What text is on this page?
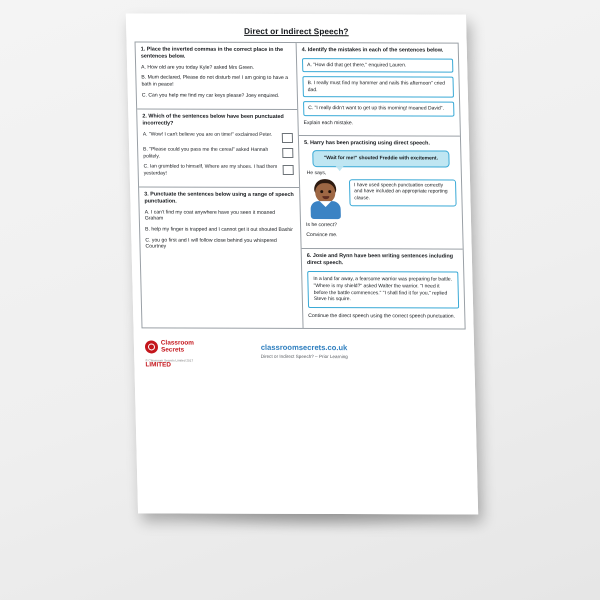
Direct or Indirect Speech?
1. Place the inverted commas in the correct place in the sentences below.
A. How old are you today Kyle? asked Mrs Green.
B. Mum declared, Please do not disturb me! I am going to have a bath in peace!
C. Can you help me find my car keys please? Joey enquired.
2. Which of the sentences below have been punctuated incorrectly?
A. "Wow! I can't believe you are on time!" exclaimed Peter.
B. "Please could you pass me the cereal" asked Hannah politely.
C. Ian grumbled to himself, Where are my shoes. I had them yesterday!
3. Punctuate the sentences below using a range of speech punctuation.
A. I can't find my coat anywhere have you seen it moaned Graham
B. help my finger is trapped and I cannot get it out shouted Bashir
C. you go first and I will follow close behind you whispered Courtney
4. Identify the mistakes in each of the sentences below.
A. "How did that get there," enquired Lauren.
B. I really must find my hammer and nails this afternoon" cried dad.
C. "I really didn't want to get up this morning! moaned David".
Explain each mistake.
5. Harry has been practising using direct speech.
"Wait for me!" shouted Freddie with excitement.
He says,
I have used speech punctuation correctly and have included an appropriate reporting clause.
Is he correct?
Convince me.
6. Josie and Rynn have been writing sentences including direct speech.
In a land far away, a fearsome warrior was preparing for battle. "Where is my shield?" asked Walter the warrior. "I need it before the battle commences." "I shall find it for you," replied Steve his squire.
Continue the direct speech using the correct speech punctuation.
Classroom Secrets
LIMITED
© Classroom Secrets Limited 2017
classroomsecrets.co.uk
Direct or Indirect Speech? – Prior Learning
